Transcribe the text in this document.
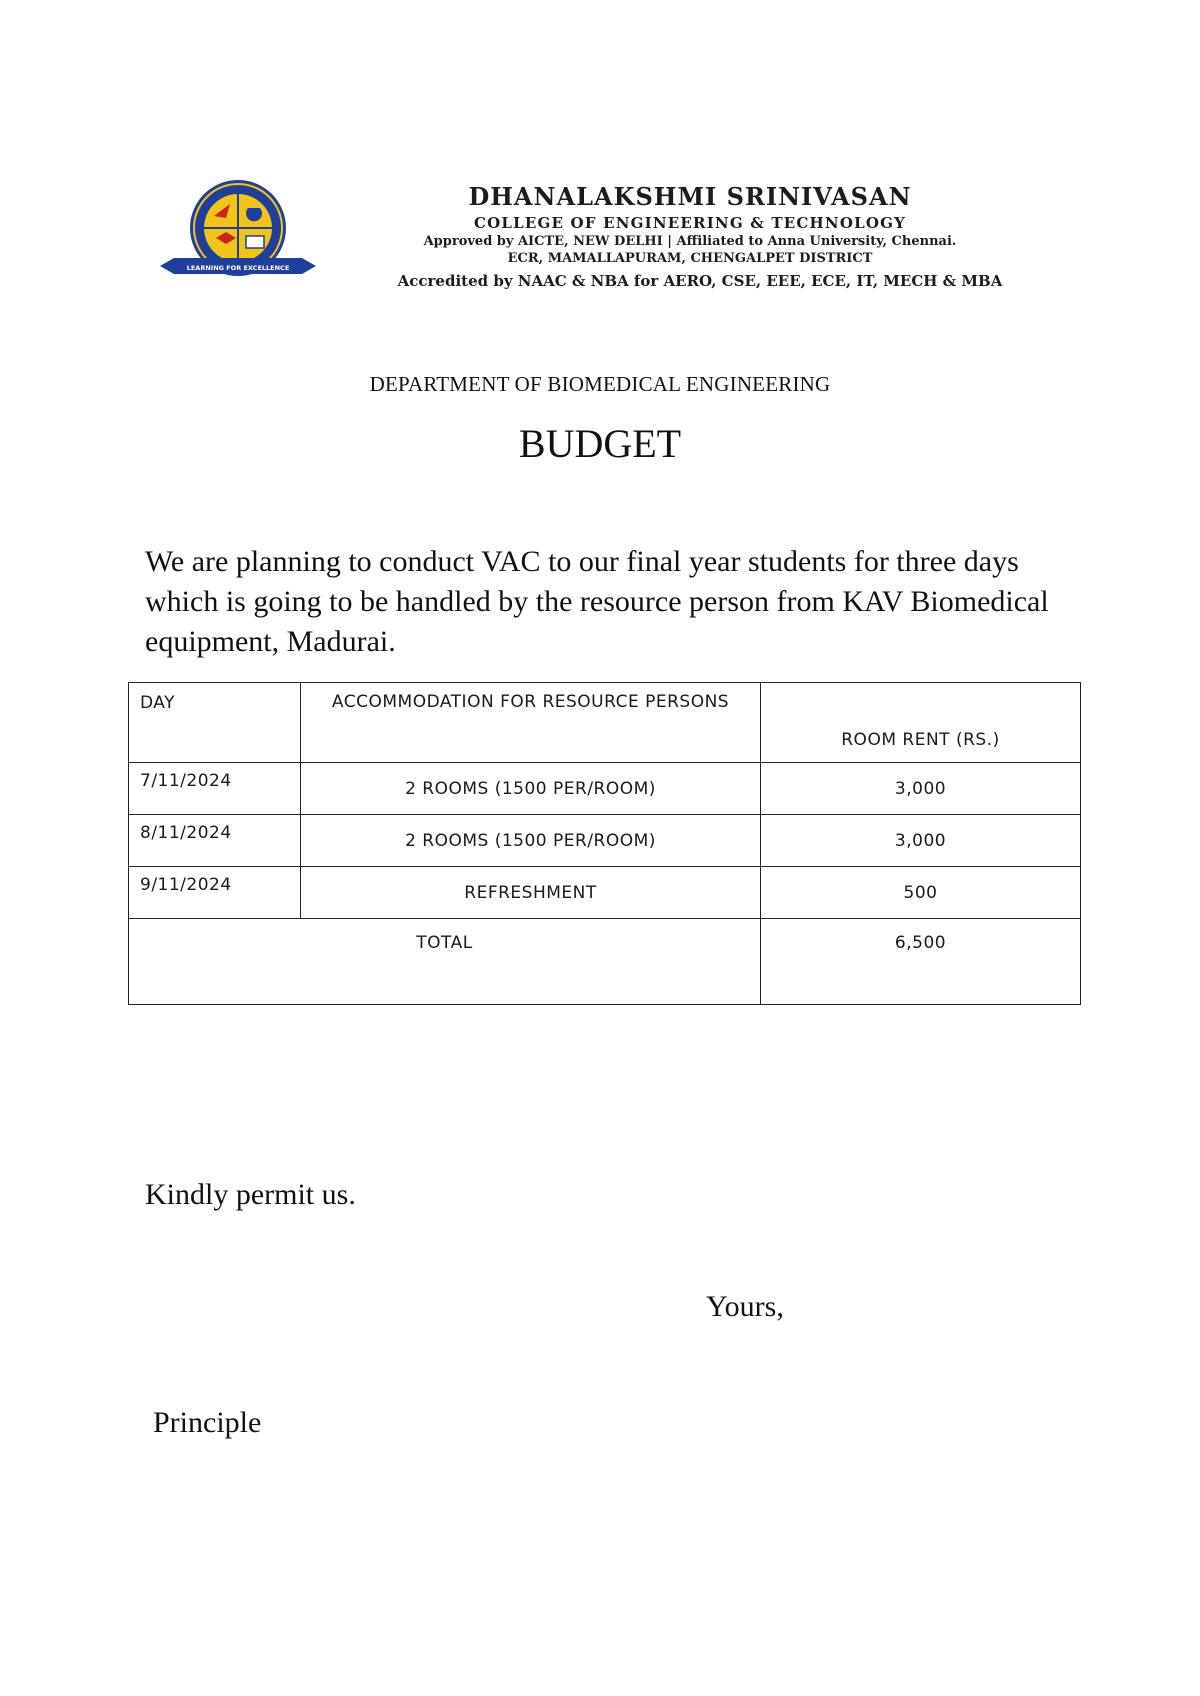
LEARNING FOR EXCELLENCE
DHANALAKSHMI SRINIVASAN
COLLEGE OF ENGINEERING & TECHNOLOGY
Approved by AICTE, NEW DELHI | Affiliated to Anna University, Chennai.
ECR, MAMALLAPURAM, CHENGALPET DISTRICT
Accredited by NAAC & NBA for AERO, CSE, EEE, ECE, IT, MECH & MBA
DEPARTMENT OF BIOMEDICAL ENGINEERING
BUDGET
We are planning to conduct VAC to our final year students for three days which is going to be handled by the resource person from KAV Biomedical equipment, Madurai.
DAY	ACCOMMODATION FOR RESOURCE PERSONS	ROOM RENT (RS.)
7/11/2024	2 ROOMS (1500 PER/ROOM)	3,000
8/11/2024	2 ROOMS (1500 PER/ROOM)	3,000
9/11/2024	REFRESHMENT	500
TOTAL		6,500
Kindly permit us.
Yours,
Principle
